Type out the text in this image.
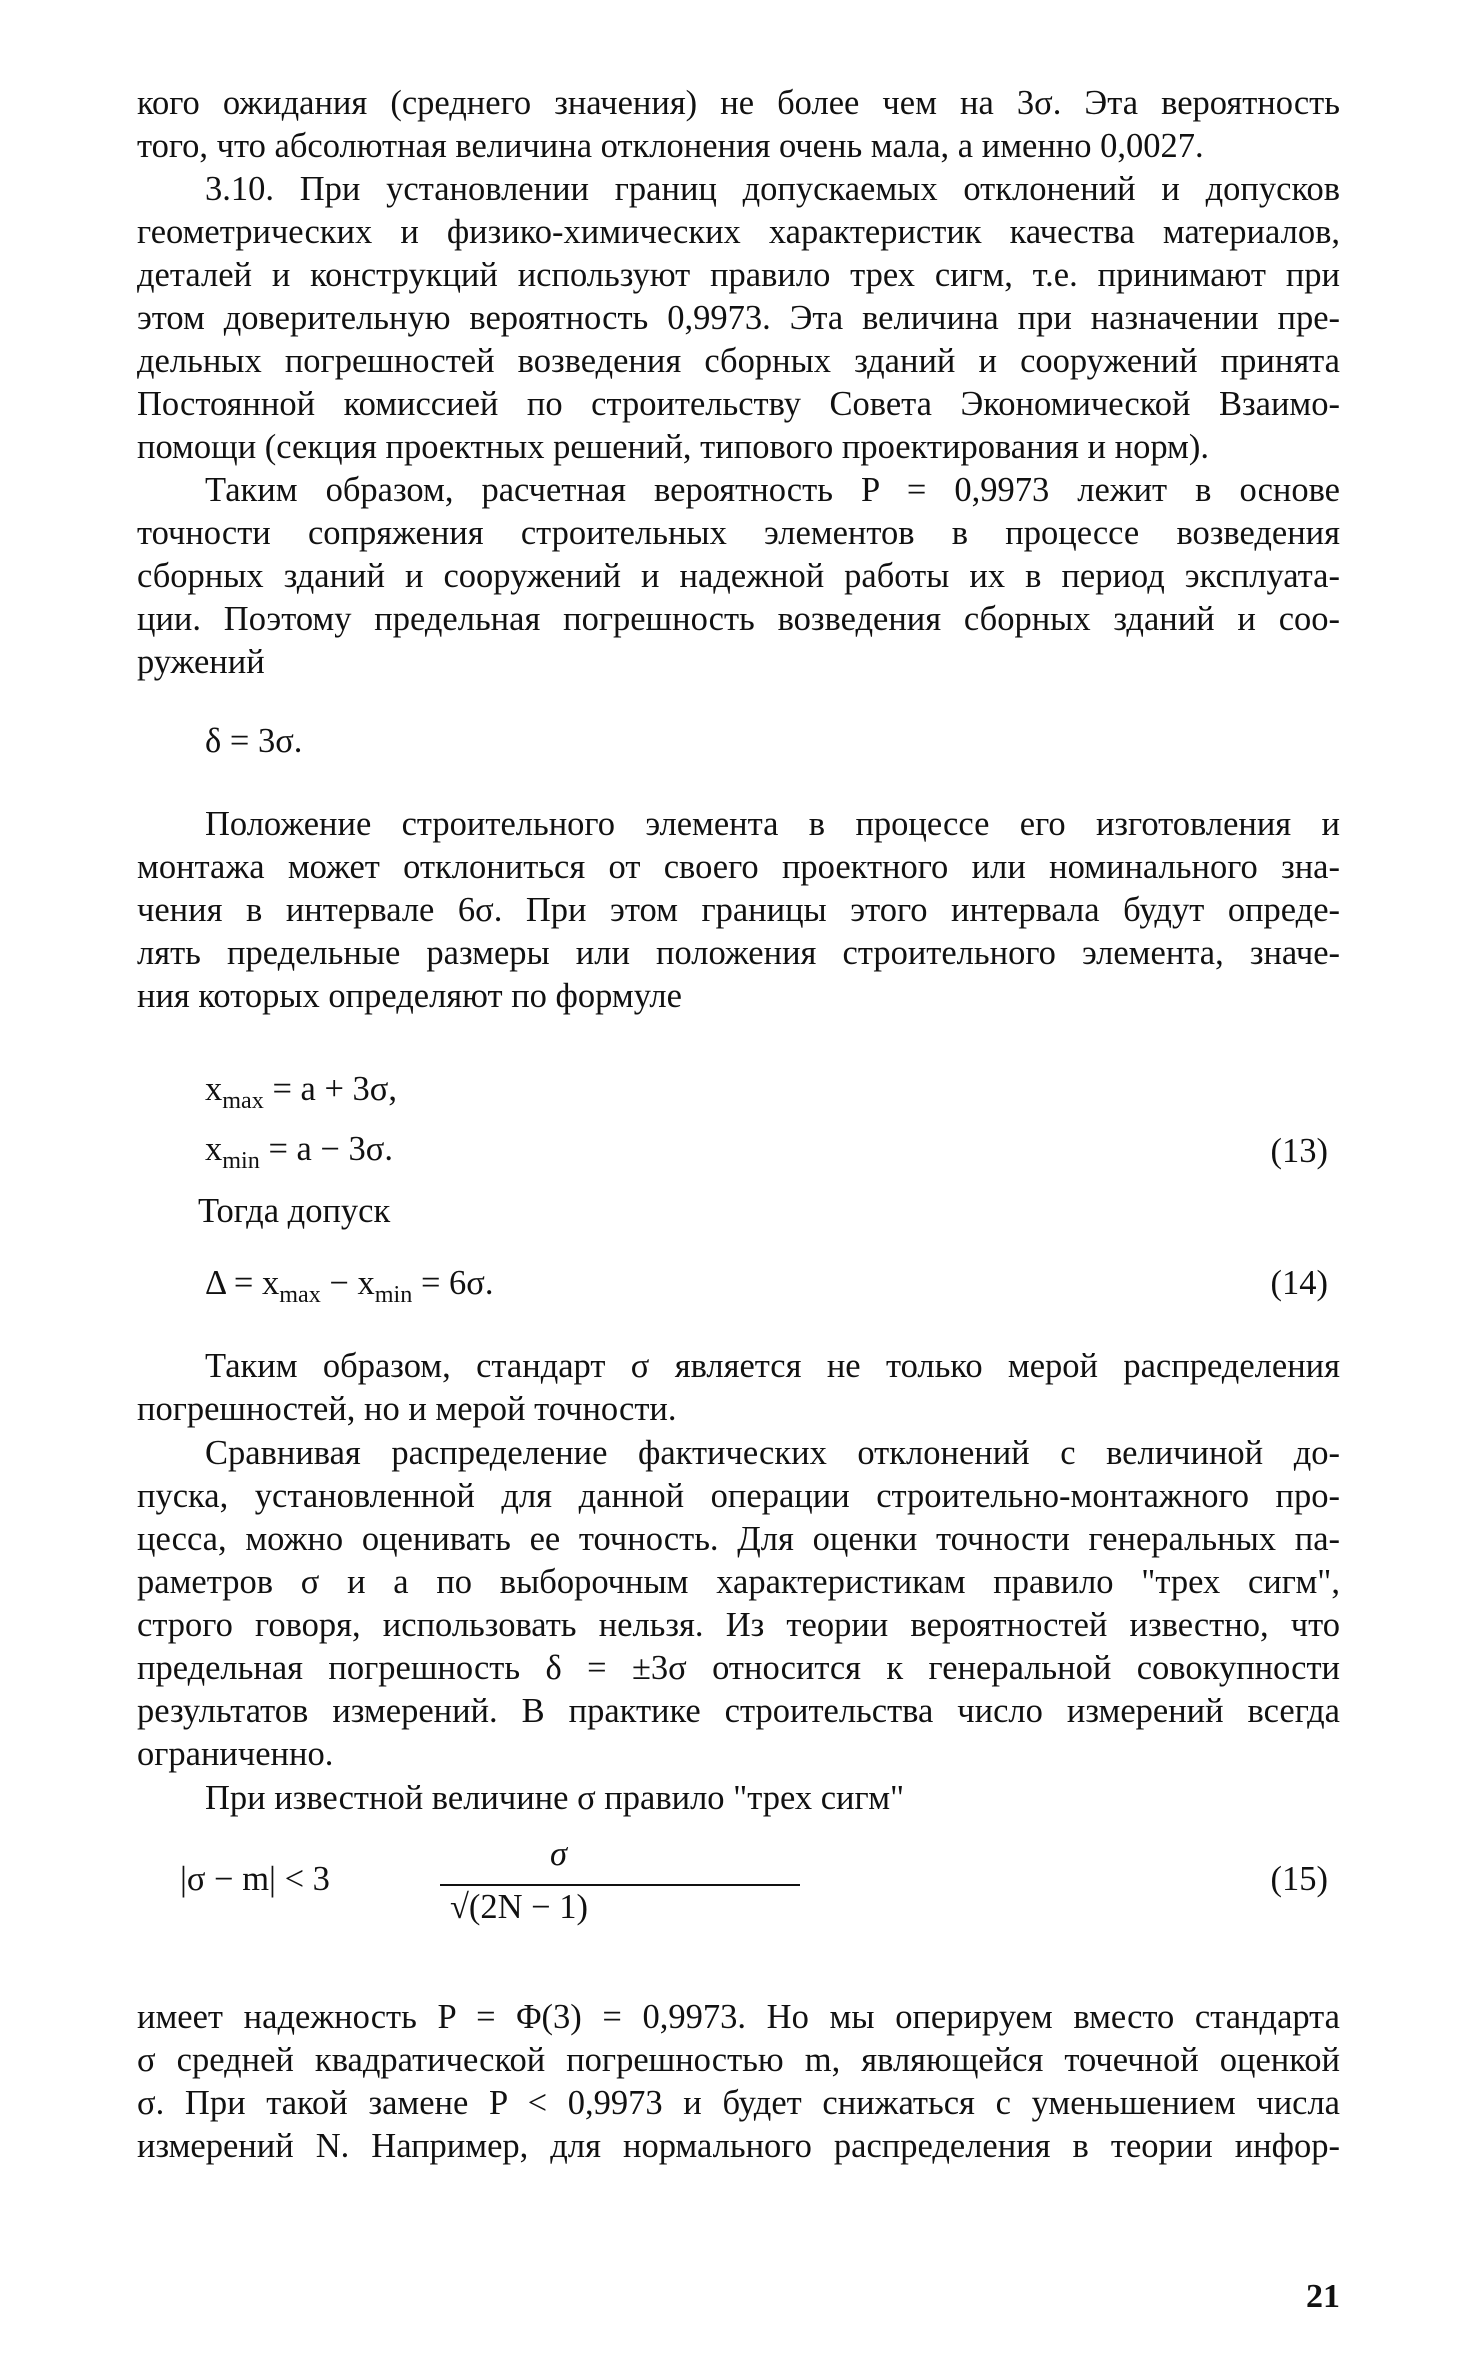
кого ожидания (среднего значения) не более чем на 3σ. Эта вероятность
того, что абсолютная величина отклонения очень мала, а именно 0,0027.
3.10. При установлении границ допускаемых отклонений и допусков
геометрических и физико-химических характеристик качества материалов,
деталей и конструкций используют правило трех сигм, т.е. принимают при
этом доверительную вероятность 0,9973. Эта величина при назначении пре-
дельных погрешностей возведения сборных зданий и сооружений принята
Постоянной комиссией по строительству Совета Экономической Взаимо-
помощи (секция проектных решений, типового проектирования и норм).
Таким образом, расчетная вероятность P = 0,9973 лежит в основе
точности сопряжения строительных элементов в процессе возведения
сборных зданий и сооружений и надежной работы их в период эксплуата-
ции. Поэтому предельная погрешность возведения сборных зданий и соо-
ружений
δ = 3σ.
Положение строительного элемента в процессе его изготовления и
монтажа может отклониться от своего проектного или номинального зна-
чения в интервале 6σ. При этом границы этого интервала будут опреде-
лять предельные размеры или положения строительного элемента, значе-
ния которых определяют по формуле
$x_{max} = a + 3\sigma$,
$x_{min} = a - 3\sigma$.	(13)
Тогда допуск
$\Delta = x_{max} - x_{min} = 6\sigma$.	(14)
Таким образом, стандарт σ является не только мерой распределения
погрешностей, но и мерой точности.
Сравнивая распределение фактических отклонений с величиной до-
пуска, установленной для данной операции строительно-монтажного про-
цесса, можно оценивать ее точность. Для оценки точности генеральных па-
раметров σ и a по выборочным характеристикам правило "трех сигм",
строго говоря, использовать нельзя. Из теории вероятностей известно, что
предельная погрешность δ = ±3σ относится к генеральной совокупности
результатов измерений. В практике строительства число измерений всегда
ограниченно.
При известной величине σ правило "трех сигм"
|σ − m| < 3
σ
√(2N − 1)
(15)
имеет надежность P = Φ(3) = 0,9973. Но мы оперируем вместо стандарта
σ средней квадратической погрешностью m, являющейся точечной оценкой
σ. При такой замене P < 0,9973 и будет снижаться с уменьшением числа
измерений N. Например, для нормального распределения в теории инфор-
21
